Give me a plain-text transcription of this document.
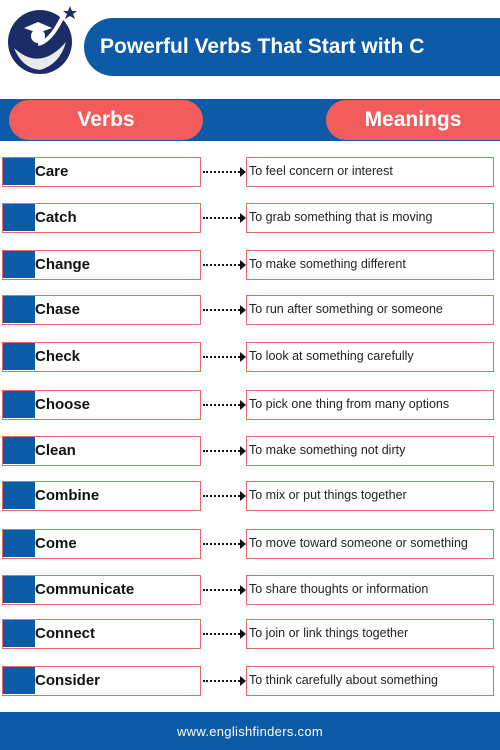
Powerful Verbs That Start with C
Verbs	Meanings
Care	To feel concern or interest
Catch	To grab something that is moving
Change	To make something different
Chase	To run after something or someone
Check	To look at something carefully
Choose	To pick one thing from many options
Clean	To make something not dirty
Combine	To mix or put things together
Come	To move toward someone or something
Communicate	To share thoughts or information
Connect	To join or link things together
Consider	To think carefully about something
www.englishfinders.com
